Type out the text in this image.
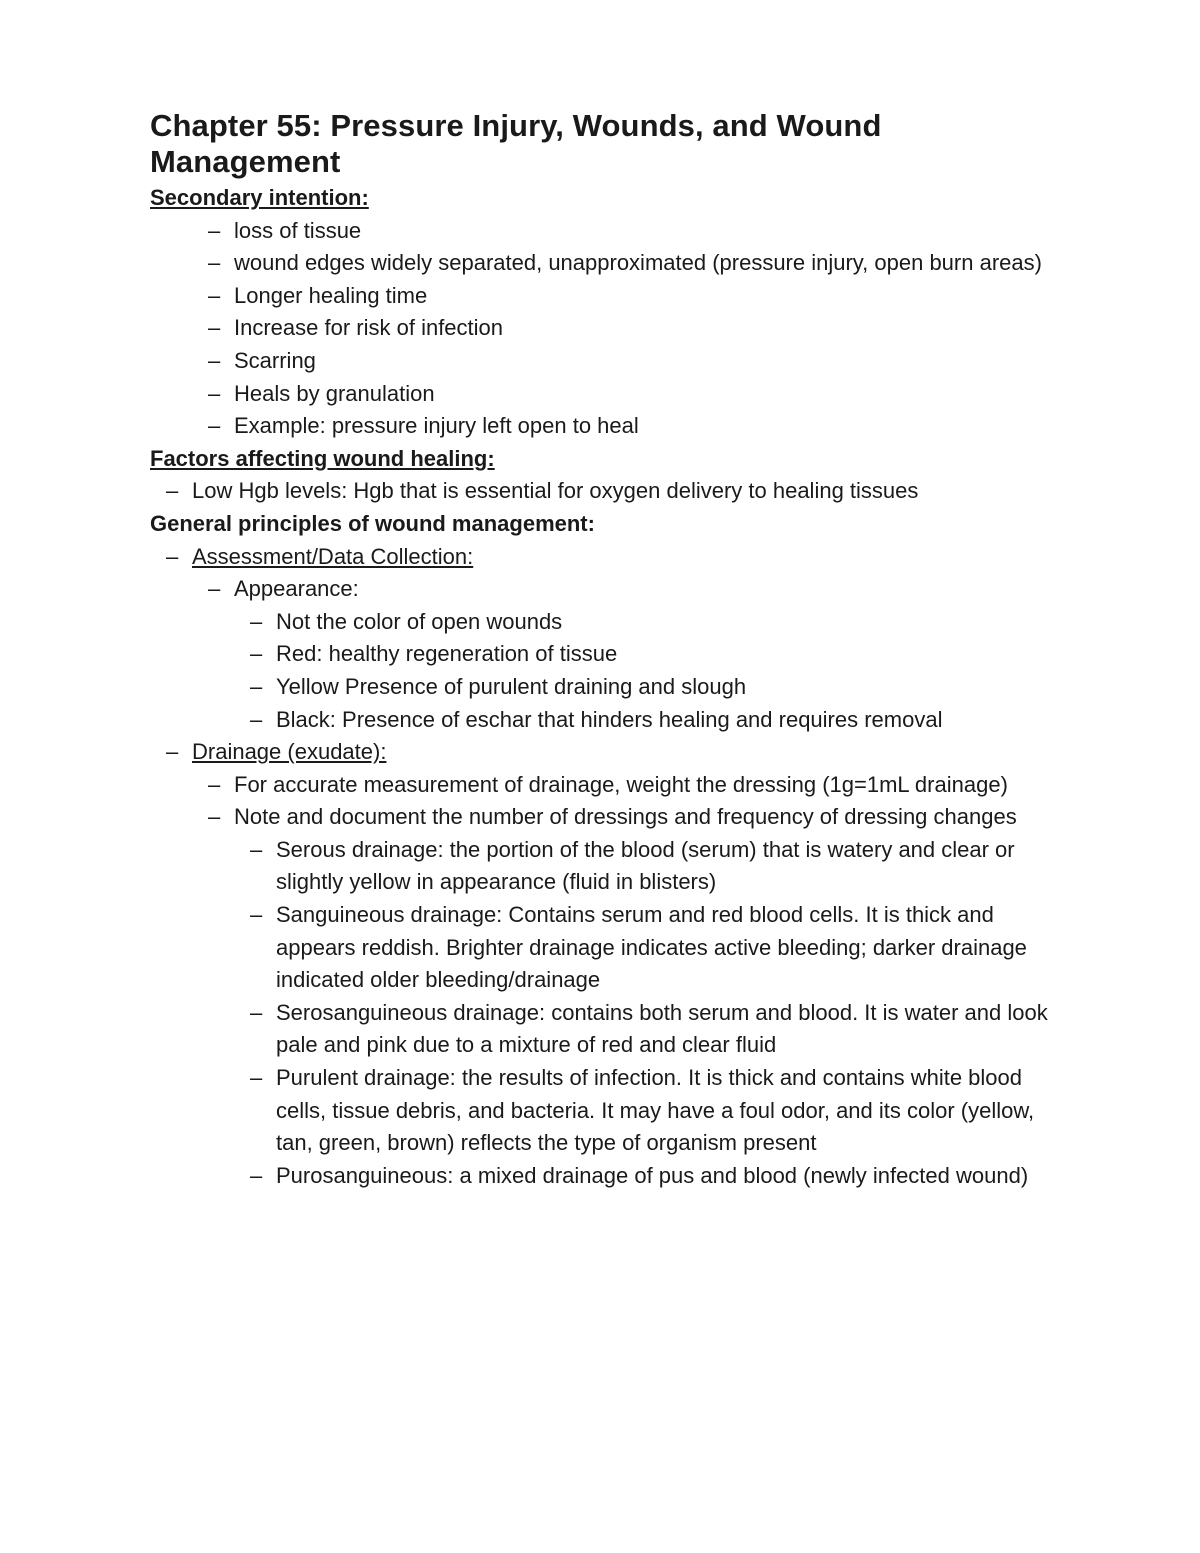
Chapter 55: Pressure Injury, Wounds, and Wound Management
Secondary intention:
– loss of tissue
– wound edges widely separated, unapproximated (pressure injury, open burn areas)
– Longer healing time
– Increase for risk of infection
– Scarring
– Heals by granulation
– Example: pressure injury left open to heal
Factors affecting wound healing:
– Low Hgb levels: Hgb that is essential for oxygen delivery to healing tissues
General principles of wound management:
– Assessment/Data Collection:
– Appearance:
– Not the color of open wounds
– Red: healthy regeneration of tissue
– Yellow Presence of purulent draining and slough
– Black: Presence of eschar that hinders healing and requires removal
– Drainage (exudate):
– For accurate measurement of drainage, weight the dressing (1g=1mL drainage)
– Note and document the number of dressings and frequency of dressing changes
– Serous drainage: the portion of the blood (serum) that is watery and clear or slightly yellow in appearance (fluid in blisters)
– Sanguineous drainage: Contains serum and red blood cells. It is thick and appears reddish. Brighter drainage indicates active bleeding; darker drainage indicated older bleeding/drainage
– Serosanguineous drainage: contains both serum and blood. It is water and look pale and pink due to a mixture of red and clear fluid
– Purulent drainage: the results of infection. It is thick and contains white blood cells, tissue debris, and bacteria. It may have a foul odor, and its color (yellow, tan, green, brown) reflects the type of organism present
– Purosanguineous: a mixed drainage of pus and blood (newly infected wound)
